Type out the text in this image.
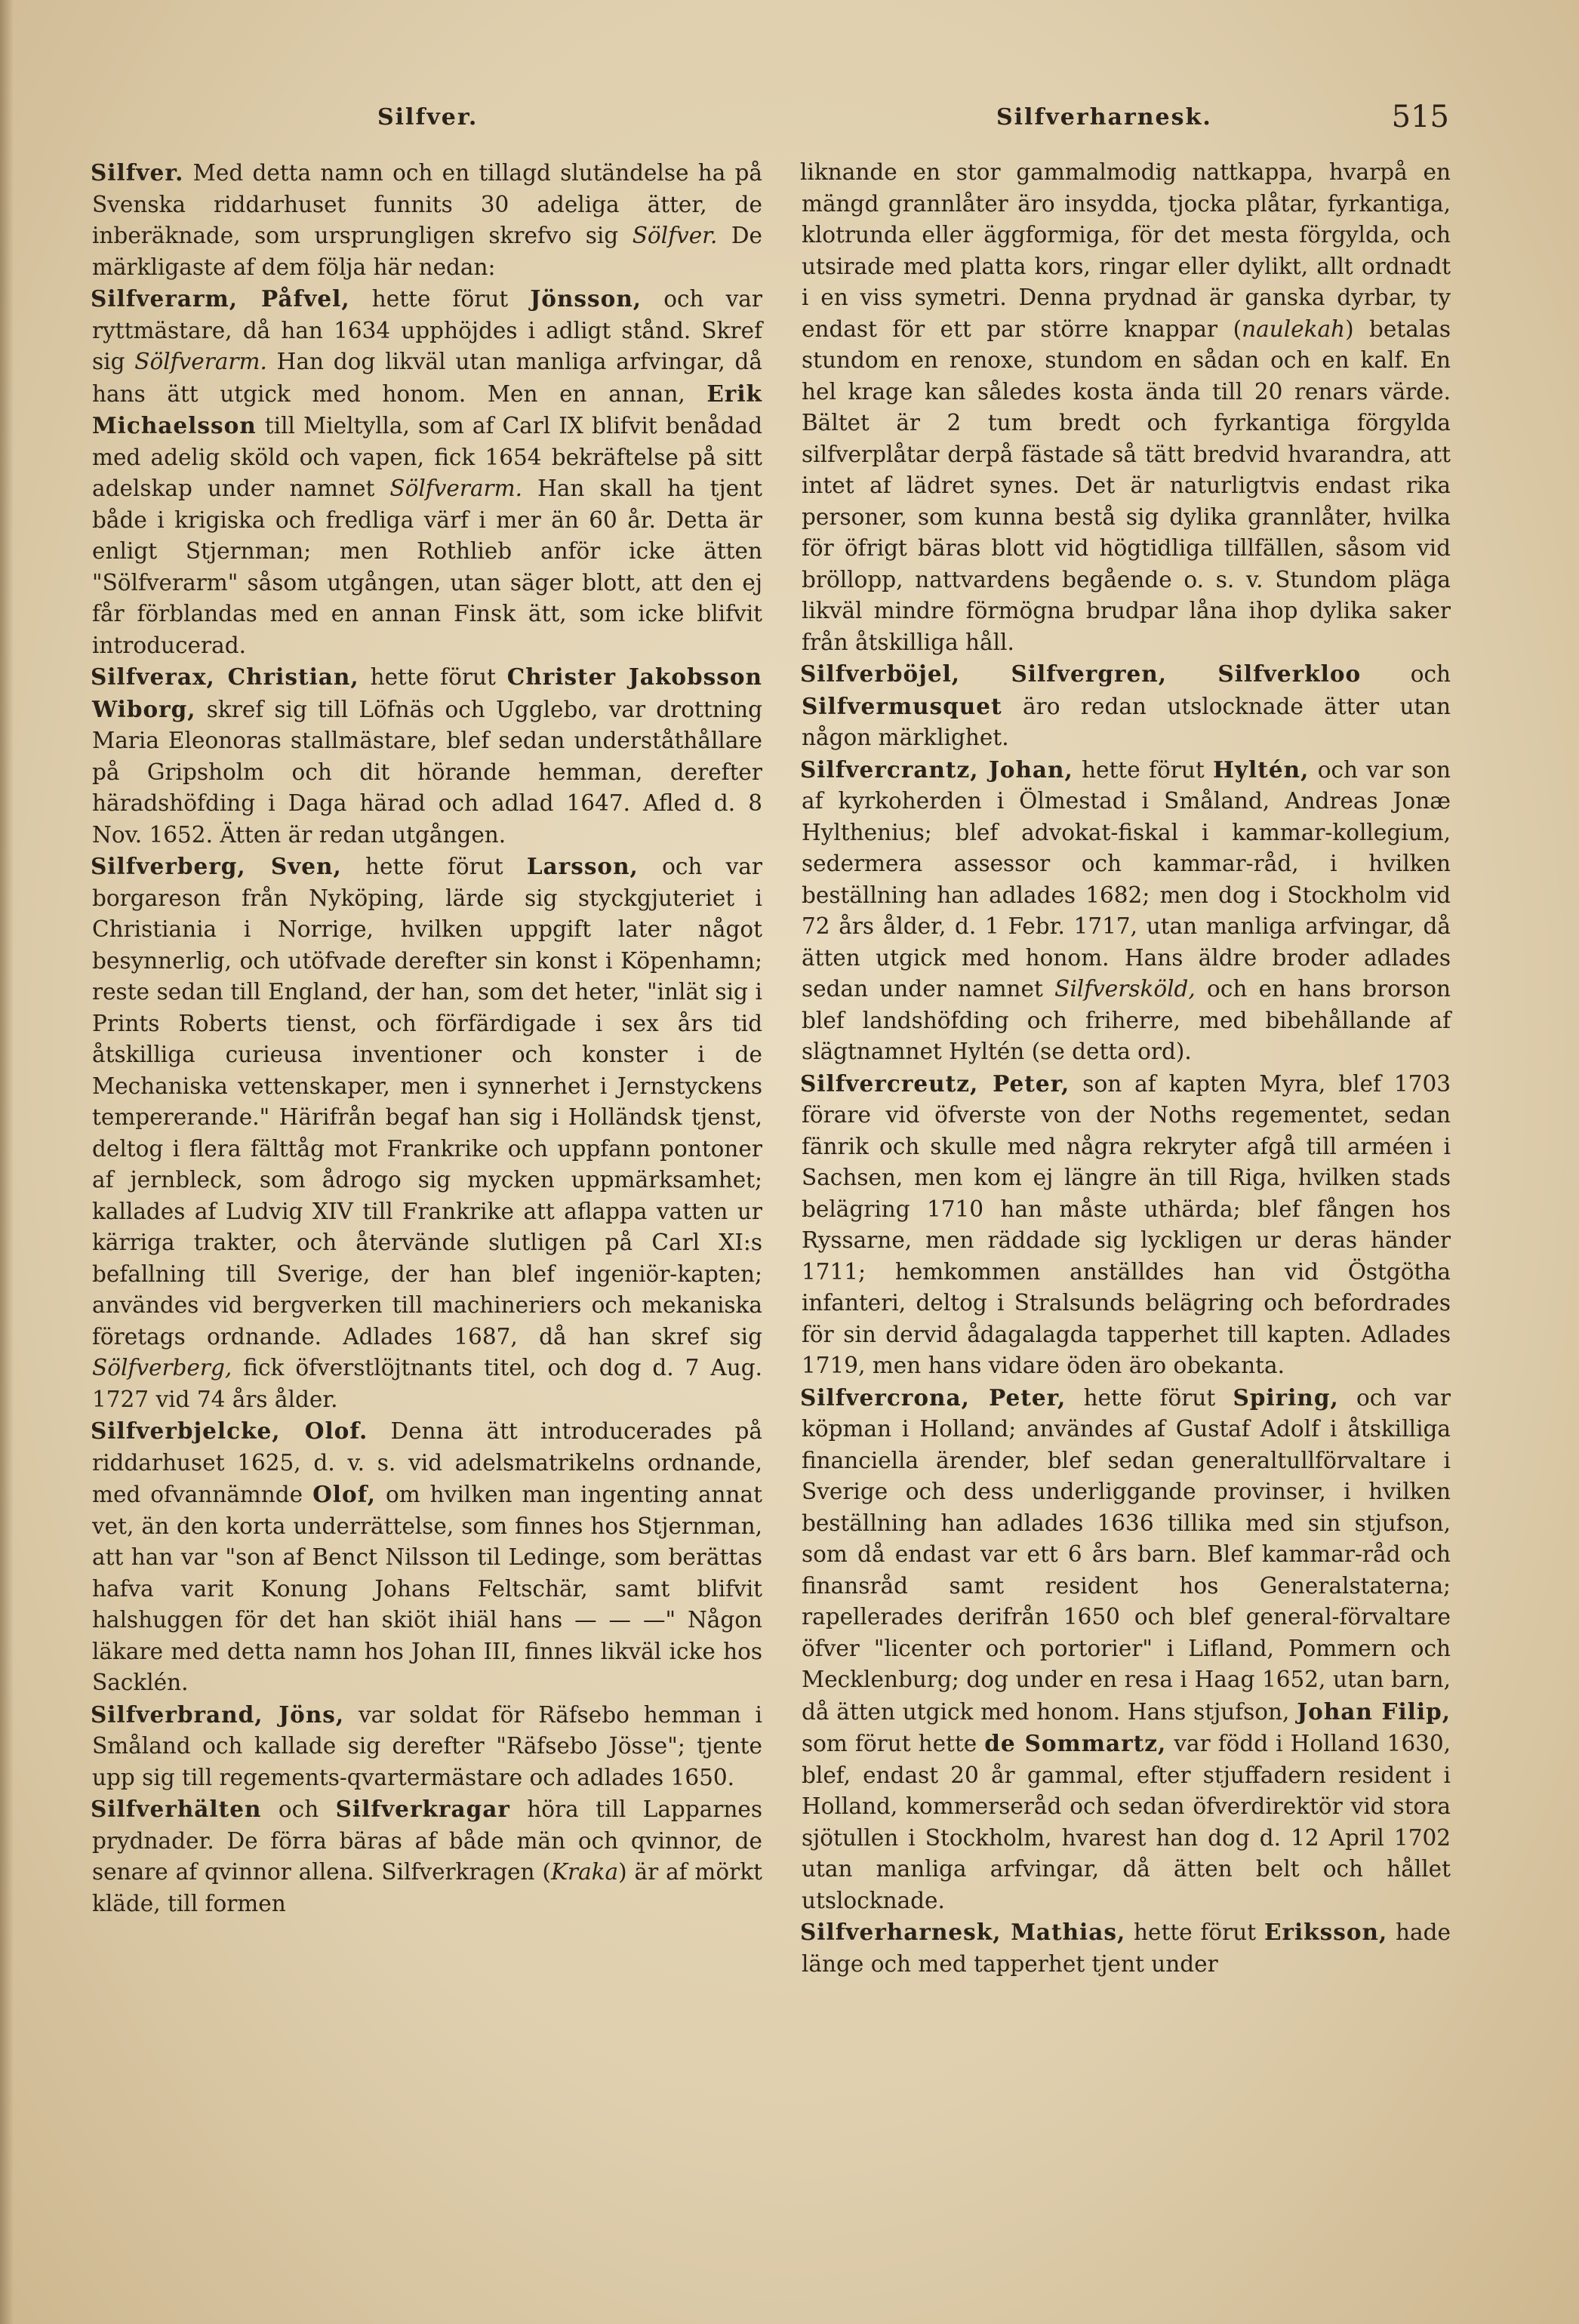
Silfver.	Silfverharnesk.	515

Silfver. Med detta namn och en tillagd slutändelse ha på Svenska riddarhuset funnits 30 adeliga ätter, de inberäknade, som ursprungligen skrefvo sig Sölfver. De märkligaste af dem följa här nedan:

Silfverarm, Påfvel, hette förut Jönsson, och var ryttmästare, då han 1634 upphöjdes i adligt stånd. Skref sig Sölfverarm. Han dog likväl utan manliga arfvingar, då hans ätt utgick med honom. Men en annan, Erik Michaelsson till Mieltylla, som af Carl IX blifvit benådad med adelig sköld och vapen, fick 1654 bekräftelse på sitt adelskap under namnet Sölfverarm. Han skall ha tjent både i krigiska och fredliga värf i mer än 60 år. Detta är enligt Stjernman; men Rothlieb anför icke ätten "Sölfverarm" såsom utgången, utan säger blott, att den ej får förblandas med en annan Finsk ätt, som icke blifvit introducerad.

Silfverax, Christian, hette förut Christer Jakobsson Wiborg, skref sig till Löfnäs och Ugglebo, var drottning Maria Eleonoras stallmästare, blef sedan underståthållare på Gripsholm och dit hörande hemman, derefter häradshöfding i Daga härad och adlad 1647. Afled d. 8 Nov. 1652. Ätten är redan utgången.

Silfverberg, Sven, hette förut Larsson, och var borgareson från Nyköping, lärde sig styckgjuteriet i Christiania i Norrige, hvilken uppgift later något besynnerlig, och utöfvade derefter sin konst i Köpenhamn; reste sedan till England, der han, som det heter, "inlät sig i Prints Roberts tienst, och förfärdigade i sex års tid åtskilliga curieusa inventioner och konster i de Mechaniska vettenskaper, men i synnerhet i Jernstyckens tempererande." Härifrån begaf han sig i Holländsk tjenst, deltog i flera fälttåg mot Frankrike och uppfann pontoner af jernbleck, som ådrogo sig mycken uppmärksamhet; kallades af Ludvig XIV till Frankrike att aflappa vatten ur kärriga trakter, och återvände slutligen på Carl XI:s befallning till Sverige, der han blef ingeniör-kapten; användes vid bergverken till machineriers och mekaniska företags ordnande. Adlades 1687, då han skref sig Sölfverberg, fick öfverstlöjtnants titel, och dog d. 7 Aug. 1727 vid 74 års ålder.

Silfverbjelcke, Olof. Denna ätt introducerades på riddarhuset 1625, d. v. s. vid adelsmatrikelns ordnande, med ofvannämnde Olof, om hvilken man ingenting annat vet, än den korta underrättelse, som finnes hos Stjernman, att han var "son af Benct Nilsson til Ledinge, som berättas hafva varit Konung Johans Feltschär, samt blifvit halshuggen för det han skiöt ihiäl hans — — —" Någon läkare med detta namn hos Johan III, finnes likväl icke hos Sacklén.

Silfverbrand, Jöns, var soldat för Räfsebo hemman i Småland och kallade sig derefter "Räfsebo Jösse"; tjente upp sig till regements-qvartermästare och adlades 1650.

Silfverhälten och Silfverkragar höra till Lapparnes prydnader. De förra bäras af både män och qvinnor, de senare af qvinnor allena. Silfverkragen (Kraka) är af mörkt kläde, till formen

liknande en stor gammalmodig nattkappa, hvarpå en mängd grannlåter äro insydda, tjocka plåtar, fyrkantiga, klotrunda eller äggformiga, för det mesta förgylda, och utsirade med platta kors, ringar eller dylikt, allt ordnadt i en viss symetri. Denna prydnad är ganska dyrbar, ty endast för ett par större knappar (naulekah) betalas stundom en renoxe, stundom en sådan och en kalf. En hel krage kan således kosta ända till 20 renars värde. Bältet är 2 tum bredt och fyrkantiga förgylda silfverplåtar derpå fästade så tätt bredvid hvarandra, att intet af lädret synes. Det är naturligtvis endast rika personer, som kunna bestå sig dylika grannlåter, hvilka för öfrigt bäras blott vid högtidliga tillfällen, såsom vid bröllopp, nattvardens begående o. s. v. Stundom pläga likväl mindre förmögna brudpar låna ihop dylika saker från åtskilliga håll.

Silfverböjel, Silfvergren, Silfverkloo och Silfvermusquet äro redan utslocknade ätter utan någon märklighet.

Silfvercrantz, Johan, hette förut Hyltén, och var son af kyrkoherden i Ölmestad i Småland, Andreas Jonæ Hylthenius; blef advokat-fiskal i kammar-kollegium, sedermera assessor och kammar-råd, i hvilken beställning han adlades 1682; men dog i Stockholm vid 72 års ålder, d. 1 Febr. 1717, utan manliga arfvingar, då ätten utgick med honom. Hans äldre broder adlades sedan under namnet Silfversköld, och en hans brorson blef landshöfding och friherre, med bibehållande af slägtnamnet Hyltén (se detta ord).

Silfvercreutz, Peter, son af kapten Myra, blef 1703 förare vid öfverste von der Noths regementet, sedan fänrik och skulle med några rekryter afgå till arméen i Sachsen, men kom ej längre än till Riga, hvilken stads belägring 1710 han måste uthärda; blef fången hos Ryssarne, men räddade sig lyckligen ur deras händer 1711; hemkommen anställdes han vid Östgötha infanteri, deltog i Stralsunds belägring och befordrades för sin dervid ådagalagda tapperhet till kapten. Adlades 1719, men hans vidare öden äro obekanta.

Silfvercrona, Peter, hette förut Spiring, och var köpman i Holland; användes af Gustaf Adolf i åtskilliga financiella ärender, blef sedan generaltullförvaltare i Sverige och dess underliggande provinser, i hvilken beställning han adlades 1636 tillika med sin stjufson, som då endast var ett 6 års barn. Blef kammar-råd och finansråd samt resident hos Generalstaterna; rapellerades derifrån 1650 och blef general-förvaltare öfver "licenter och portorier" i Lifland, Pommern och Mecklenburg; dog under en resa i Haag 1652, utan barn, då ätten utgick med honom. Hans stjufson, Johan Filip, som förut hette de Sommartz, var född i Holland 1630, blef, endast 20 år gammal, efter stjuffadern resident i Holland, kommerseråd och sedan öfverdirektör vid stora sjötullen i Stockholm, hvarest han dog d. 12 April 1702 utan manliga arfvingar, då ätten belt och hållet utslocknade.

Silfverharnesk, Mathias, hette förut Eriksson, hade länge och med tapperhet tjent under
